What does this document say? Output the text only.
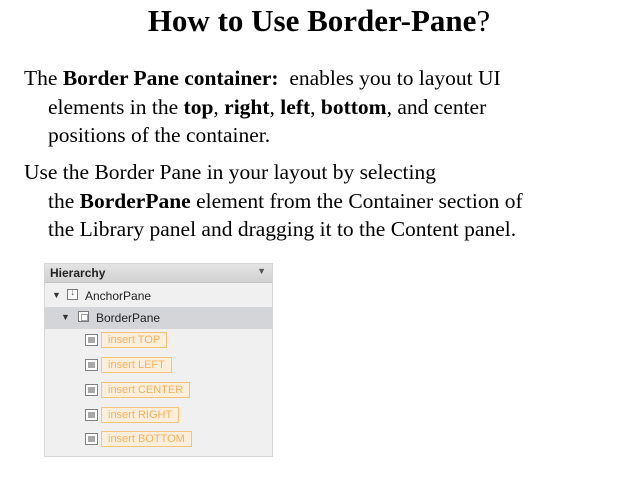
How to Use Border-Pane?
The Border Pane container:  enables you to layout UI
elements in the top, right, left, bottom, and center
positions of the container.
Use the Border Pane in your layout by selecting
the BorderPane element from the Container section of
the Library panel and dragging it to the Content panel.
Hierarchy	▼
▼
↓ AnchorPane
▼ BorderPane
insert TOP
insert LEFT
insert CENTER
insert RIGHT
insert BOTTOM
